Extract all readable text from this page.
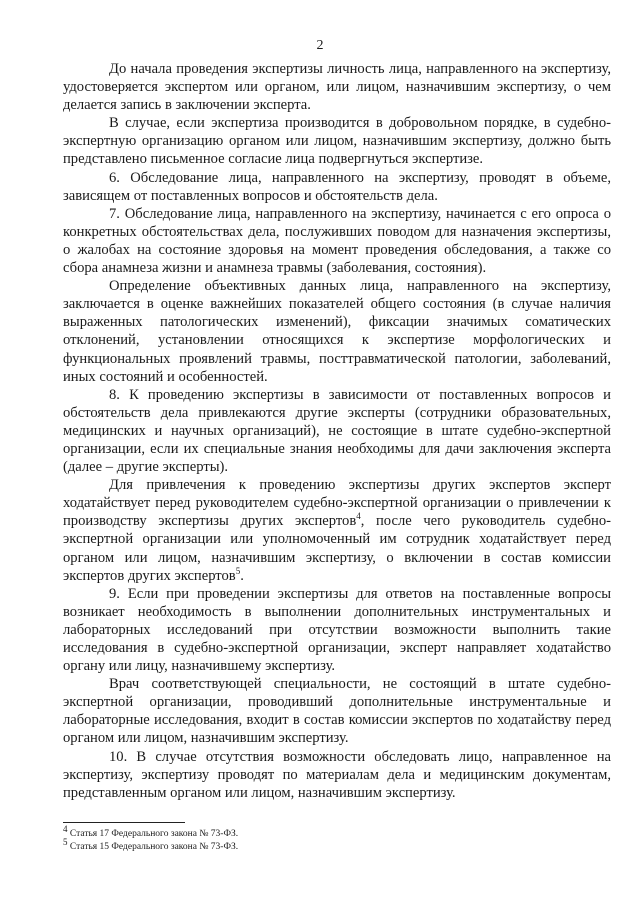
2

До начала проведения экспертизы личность лица, направленного на экспертизу, удостоверяется экспертом или органом, или лицом, назначившим экспертизу, о чем делается запись в заключении эксперта.

В случае, если экспертиза производится в добровольном порядке, в судебно-экспертную организацию органом или лицом, назначившим экспертизу, должно быть представлено письменное согласие лица подвергнуться экспертизе.

6. Обследование лица, направленного на экспертизу, проводят в объеме, зависящем от поставленных вопросов и обстоятельств дела.

7. Обследование лица, направленного на экспертизу, начинается с его опроса о конкретных обстоятельствах дела, послуживших поводом для назначения экспертизы, о жалобах на состояние здоровья на момент проведения обследования, а также со сбора анамнеза жизни и анамнеза травмы (заболевания, состояния).

Определение объективных данных лица, направленного на экспертизу, заключается в оценке важнейших показателей общего состояния (в случае наличия выраженных патологических изменений), фиксации значимых соматических отклонений, установлении относящихся к экспертизе морфологических и функциональных проявлений травмы, посттравматической патологии, заболеваний, иных состояний и особенностей.

8. К проведению экспертизы в зависимости от поставленных вопросов и обстоятельств дела привлекаются другие эксперты (сотрудники образовательных, медицинских и научных организаций), не состоящие в штате судебно-экспертной организации, если их специальные знания необходимы для дачи заключения эксперта (далее – другие эксперты).

Для привлечения к проведению экспертизы других экспертов эксперт ходатайствует перед руководителем судебно-экспертной организации о привлечении к производству экспертизы других экспертов$^4$, после чего руководитель судебно-экспертной организации или уполномоченный им сотрудник ходатайствует перед органом или лицом, назначившим экспертизу, о включении в состав комиссии экспертов других экспертов$^5$.

9. Если при проведении экспертизы для ответов на поставленные вопросы возникает необходимость в выполнении дополнительных инструментальных и лабораторных исследований при отсутствии возможности выполнить такие исследования в судебно-экспертной организации, эксперт направляет ходатайство органу или лицу, назначившему экспертизу.

Врач соответствующей специальности, не состоящий в штате судебно-экспертной организации, проводивший дополнительные инструментальные и лабораторные исследования, входит в состав комиссии экспертов по ходатайству перед органом или лицом, назначившим экспертизу.

10. В случае отсутствия возможности обследовать лицо, направленное на экспертизу, экспертизу проводят по материалам дела и медицинским документам, представленным органом или лицом, назначившим экспертизу.

$^4$ Статья 17 Федерального закона № 73-ФЗ.
$^5$ Статья 15 Федерального закона № 73-ФЗ.
